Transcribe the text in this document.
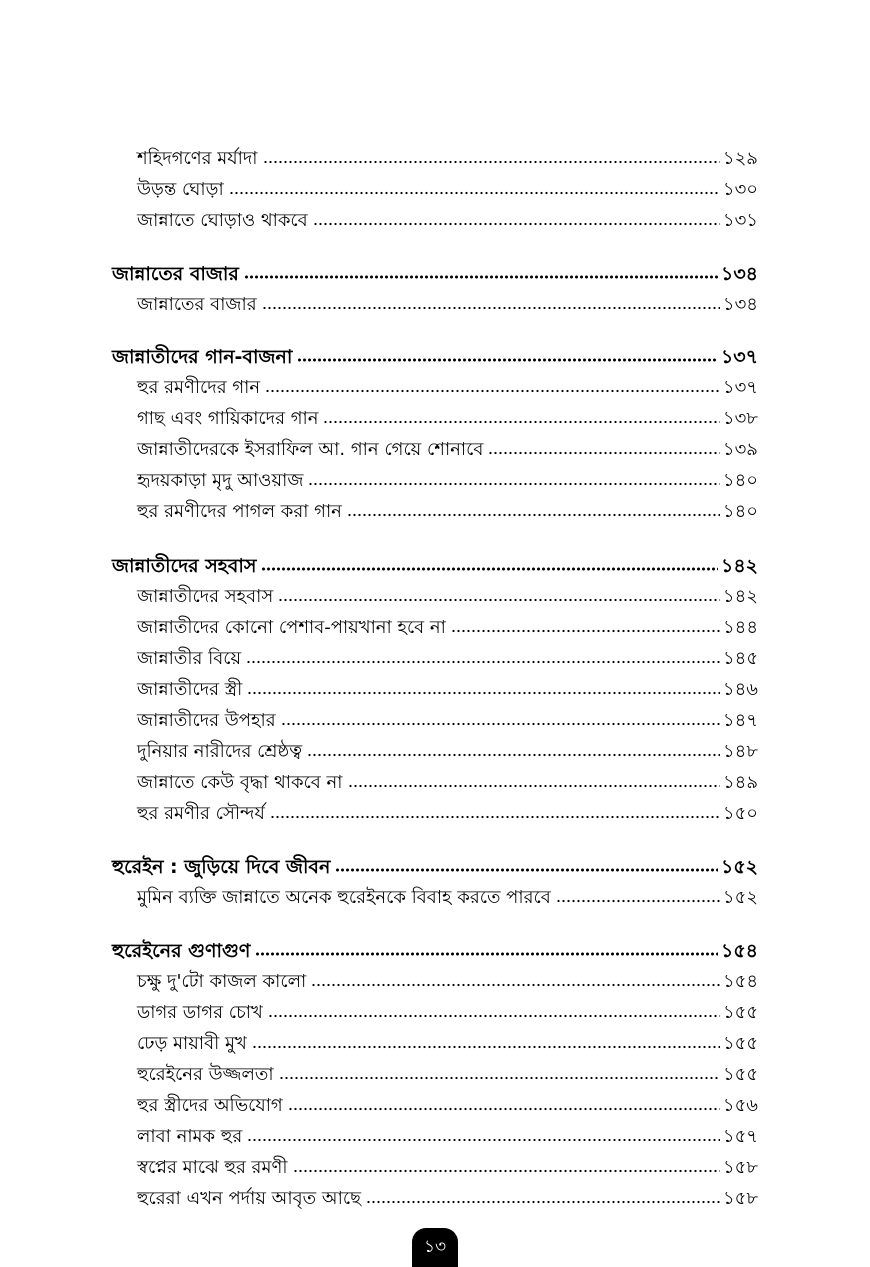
শহিদগণের মর্যাদা	১২৯
উড়ন্ত ঘোড়া	১৩০
জান্নাতে ঘোড়াও থাকবে	১৩১
জান্নাতের বাজার	১৩৪
জান্নাতের বাজার	১৩৪
জান্নাতীদের গান-বাজনা	১৩৭
হুর রমণীদের গান	১৩৭
গাছ এবং গায়িকাদের গান	১৩৮
জান্নাতীদেরকে ইসরাফিল আ. গান গেয়ে শোনাবে	১৩৯
হৃদয়কাড়া মৃদু আওয়াজ	১৪০
হুর রমণীদের পাগল করা গান	১৪০
জান্নাতীদের সহবাস	১৪২
জান্নাতীদের সহবাস	১৪২
জান্নাতীদের কোনো পেশাব-পায়খানা হবে না	১৪৪
জান্নাতীর বিয়ে	১৪৫
জান্নাতীদের স্ত্রী	১৪৬
জান্নাতীদের উপহার	১৪৭
দুনিয়ার নারীদের শ্রেষ্ঠত্ব	১৪৮
জান্নাতে কেউ বৃদ্ধা থাকবে না	১৪৯
হুর রমণীর সৌন্দর্য	১৫০
হুরেইন : জুড়িয়ে দিবে জীবন	১৫২
মুমিন ব্যক্তি জান্নাতে অনেক হুরেইনকে বিবাহ করতে পারবে	১৫২
হুরেইনের গুণাগুণ	১৫৪
চক্ষু দু'টো কাজল কালো	১৫৪
ডাগর ডাগর চোখ	১৫৫
ঢেড় মায়াবী মুখ	১৫৫
হুরেইনের উজ্জলতা	১৫৫
হুর স্ত্রীদের অভিযোগ	১৫৬
লাবা নামক হুর	১৫৭
স্বপ্নের মাঝে হুর রমণী	১৫৮
হুরেরা এখন পর্দায় আবৃত আছে	১৫৮
১৩
